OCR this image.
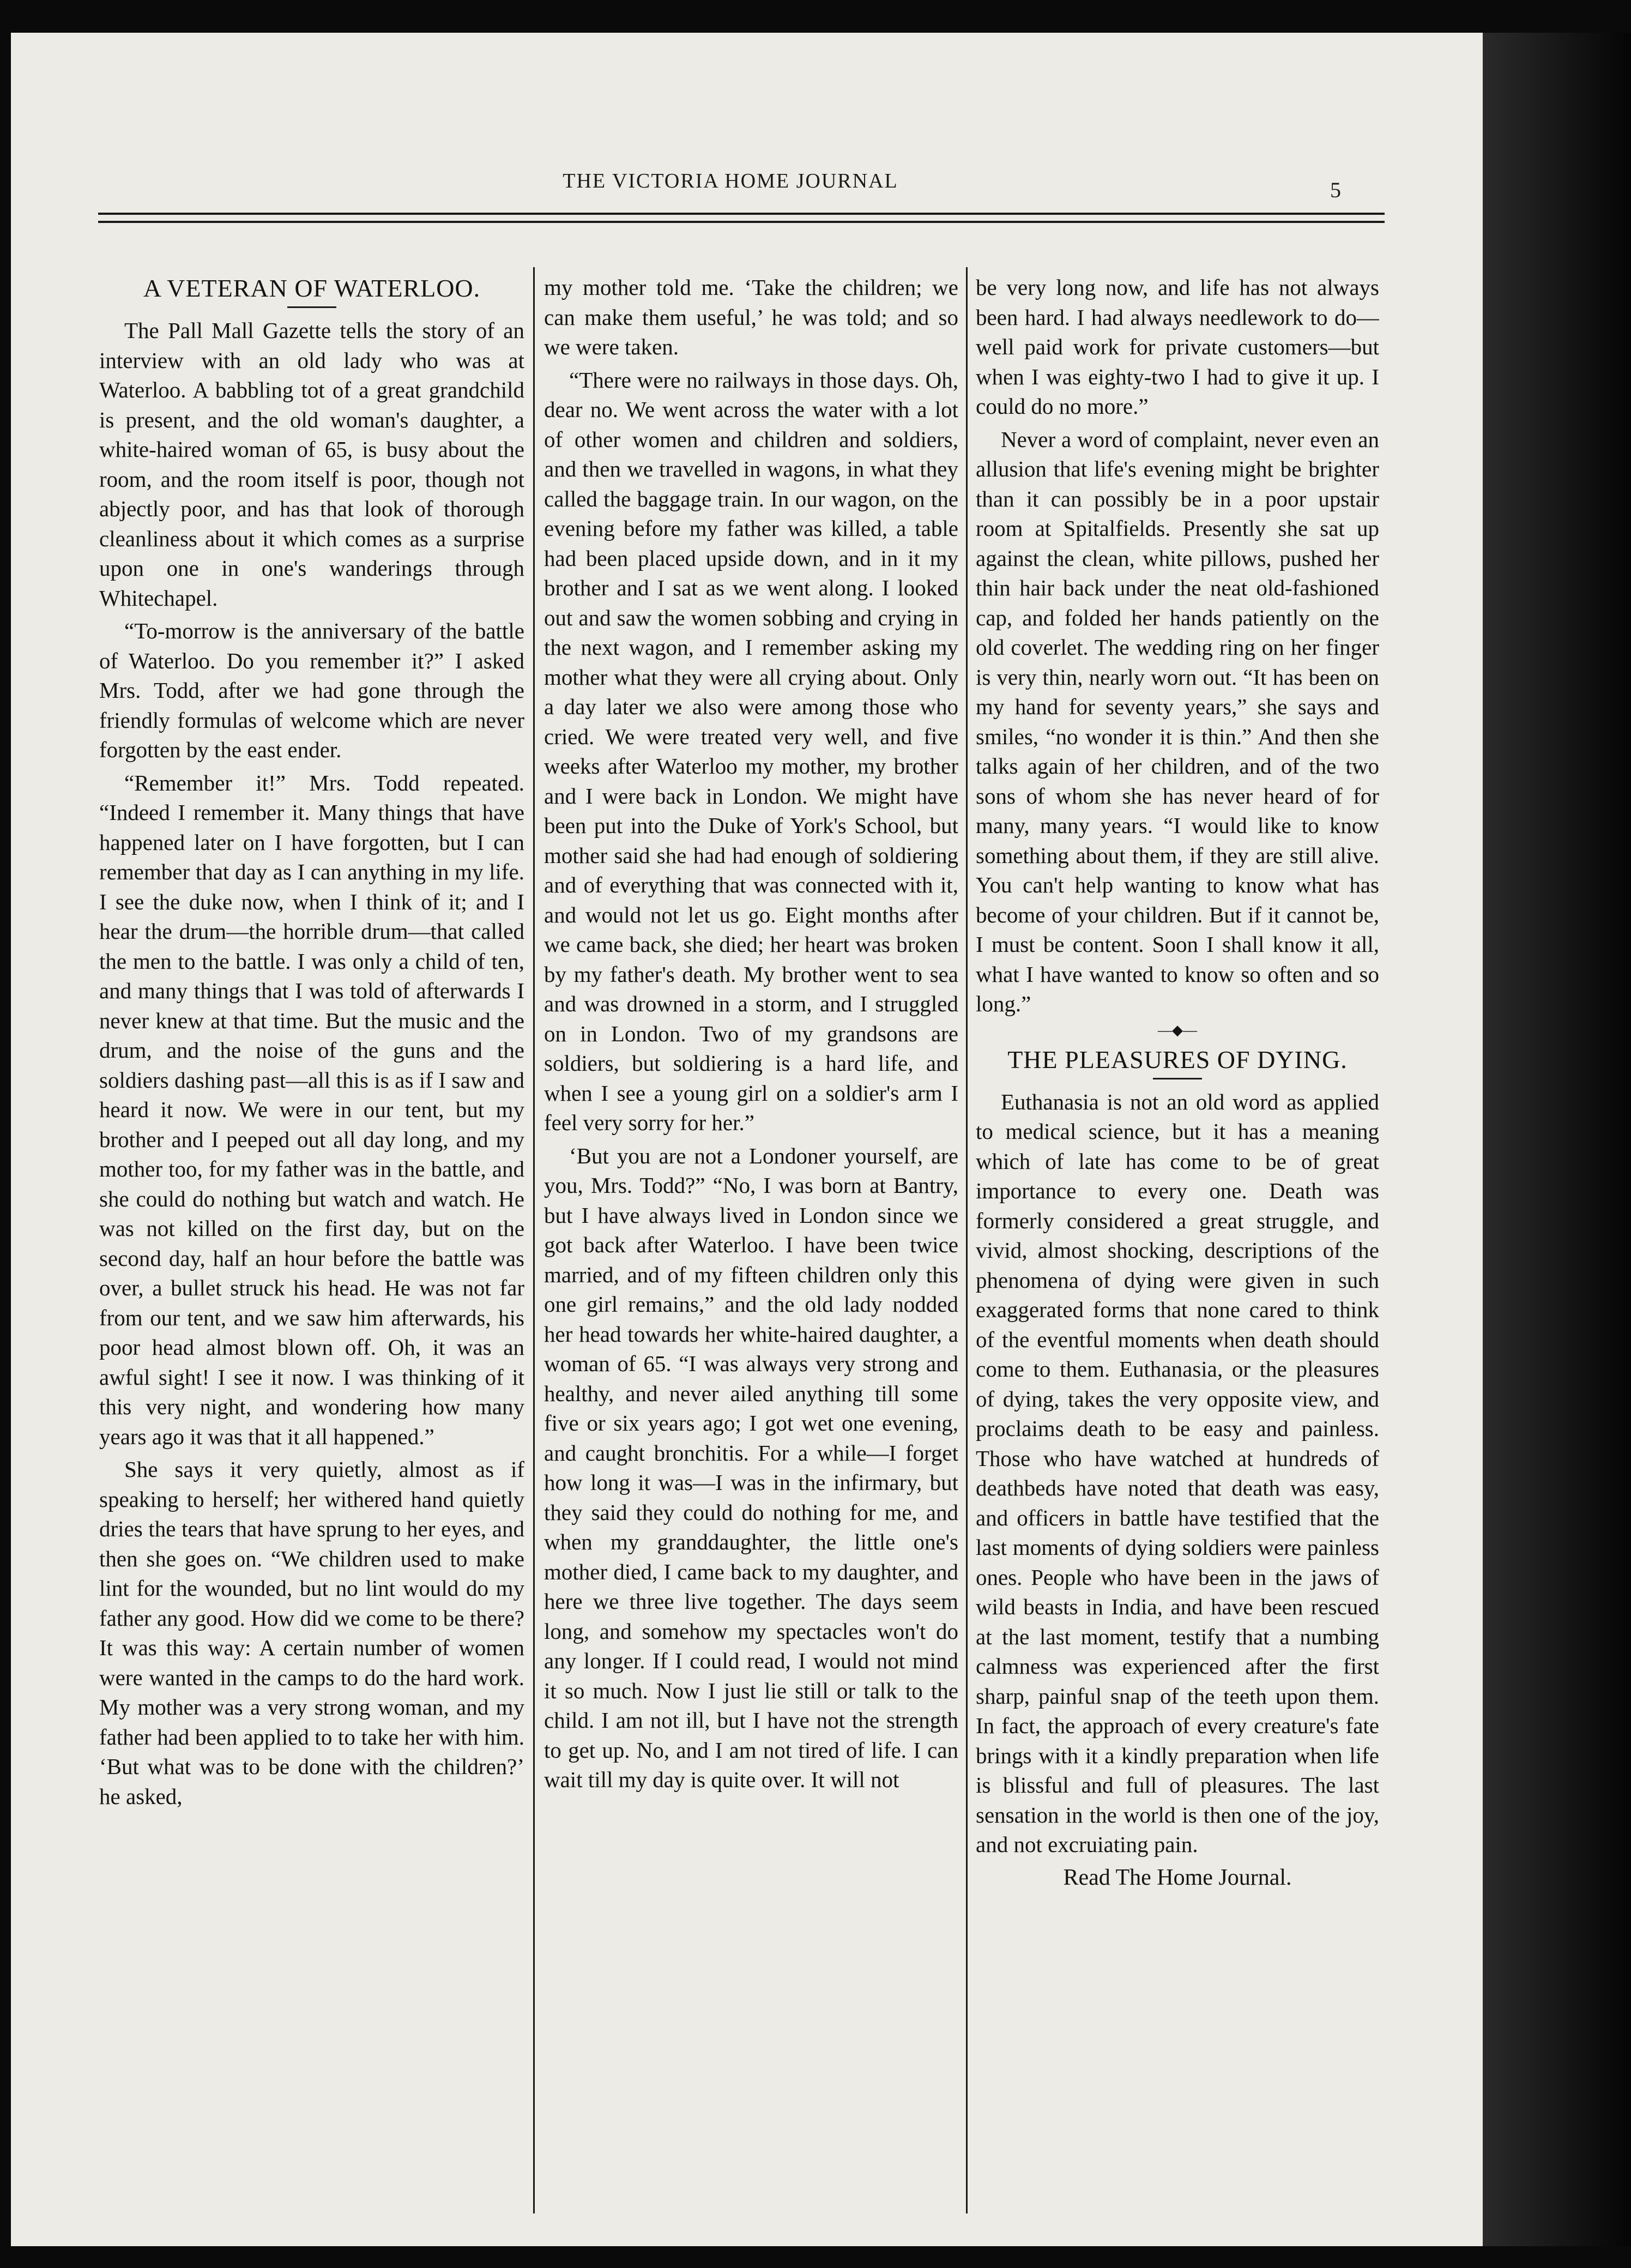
THE VICTORIA HOME JOURNAL	5
A VETERAN OF WATERLOO.

The Pall Mall Gazette tells the story of an interview with an old lady who was at Waterloo. A babbling tot of a great grandchild is present, and the old woman's daughter, a white-haired woman of 65, is busy about the room, and the room itself is poor, though not abjectly poor, and has that look of thorough cleanliness about it which comes as a surprise upon one in one's wanderings through Whitechapel.

“To-morrow is the anniversary of the battle of Waterloo. Do you remember it?” I asked Mrs. Todd, after we had gone through the friendly formulas of welcome which are never forgotten by the east ender.

“Remember it!” Mrs. Todd repeated. “Indeed I remember it. Many things that have happened later on I have forgotten, but I can remember that day as I can anything in my life. I see the duke now, when I think of it; and I hear the drum—the horrible drum—that called the men to the battle. I was only a child of ten, and many things that I was told of afterwards I never knew at that time. But the music and the drum, and the noise of the guns and the soldiers dashing past—all this is as if I saw and heard it now. We were in our tent, but my brother and I peeped out all day long, and my mother too, for my father was in the battle, and she could do nothing but watch and watch. He was not killed on the first day, but on the second day, half an hour before the battle was over, a bullet struck his head. He was not far from our tent, and we saw him afterwards, his poor head almost blown off. Oh, it was an awful sight! I see it now. I was thinking of it this very night, and wondering how many years ago it was that it all happened.”

She says it very quietly, almost as if speaking to herself; her withered hand quietly dries the tears that have sprung to her eyes, and then she goes on. “We children used to make lint for the wounded, but no lint would do my father any good. How did we come to be there? It was this way: A certain number of women were wanted in the camps to do the hard work. My mother was a very strong woman, and my father had been applied to to take her with him. ‘But what was to be done with the children?’ he asked,

my mother told me. ‘Take the children; we can make them useful,’ he was told; and so we were taken.

“There were no railways in those days. Oh, dear no. We went across the water with a lot of other women and children and soldiers, and then we travelled in wagons, in what they called the baggage train. In our wagon, on the evening before my father was killed, a table had been placed upside down, and in it my brother and I sat as we went along. I looked out and saw the women sobbing and crying in the next wagon, and I remember asking my mother what they were all crying about. Only a day later we also were among those who cried. We were treated very well, and five weeks after Waterloo my mother, my brother and I were back in London. We might have been put into the Duke of York's School, but mother said she had had enough of soldiering and of everything that was connected with it, and would not let us go. Eight months after we came back, she died; her heart was broken by my father's death. My brother went to sea and was drowned in a storm, and I struggled on in London. Two of my grandsons are soldiers, but soldiering is a hard life, and when I see a young girl on a soldier's arm I feel very sorry for her.”

‘But you are not a Londoner yourself, are you, Mrs. Todd?” “No, I was born at Bantry, but I have always lived in London since we got back after Waterloo. I have been twice married, and of my fifteen children only this one girl remains,” and the old lady nodded her head towards her white-haired daughter, a woman of 65. “I was always very strong and healthy, and never ailed anything till some five or six years ago; I got wet one evening, and caught bronchitis. For a while—I forget how long it was—I was in the infirmary, but they said they could do nothing for me, and when my granddaughter, the little one's mother died, I came back to my daughter, and here we three live together. The days seem long, and somehow my spectacles won't do any longer. If I could read, I would not mind it so much. Now I just lie still or talk to the child. I am not ill, but I have not the strength to get up. No, and I am not tired of life. I can wait till my day is quite over. It will not

be very long now, and life has not always been hard. I had always needlework to do—well paid work for private customers—but when I was eighty-two I had to give it up. I could do no more.”

Never a word of complaint, never even an allusion that life's evening might be brighter than it can possibly be in a poor upstair room at Spitalfields. Presently she sat up against the clean, white pillows, pushed her thin hair back under the neat old-fashioned cap, and folded her hands patiently on the old coverlet. The wedding ring on her finger is very thin, nearly worn out. “It has been on my hand for seventy years,” she says and smiles, “no wonder it is thin.” And then she talks again of her children, and of the two sons of whom she has never heard of for many, many years. “I would like to know something about them, if they are still alive. You can't help wanting to know what has become of your children. But if it cannot be, I must be content. Soon I shall know it all, what I have wanted to know so often and so long.”

—◆—
THE PLEASURES OF DYING.

Euthanasia is not an old word as applied to medical science, but it has a meaning which of late has come to be of great importance to every one. Death was formerly considered a great struggle, and vivid, almost shocking, descriptions of the phenomena of dying were given in such exaggerated forms that none cared to think of the eventful moments when death should come to them. Euthanasia, or the pleasures of dying, takes the very opposite view, and proclaims death to be easy and painless. Those who have watched at hundreds of deathbeds have noted that death was easy, and officers in battle have testified that the last moments of dying soldiers were painless ones. People who have been in the jaws of wild beasts in India, and have been rescued at the last moment, testify that a numbing calmness was experienced after the first sharp, painful snap of the teeth upon them. In fact, the approach of every creature's fate brings with it a kindly preparation when life is blissful and full of pleasures. The last sensation in the world is then one of the joy, and not excruiating pain.

Read The Home Journal.
